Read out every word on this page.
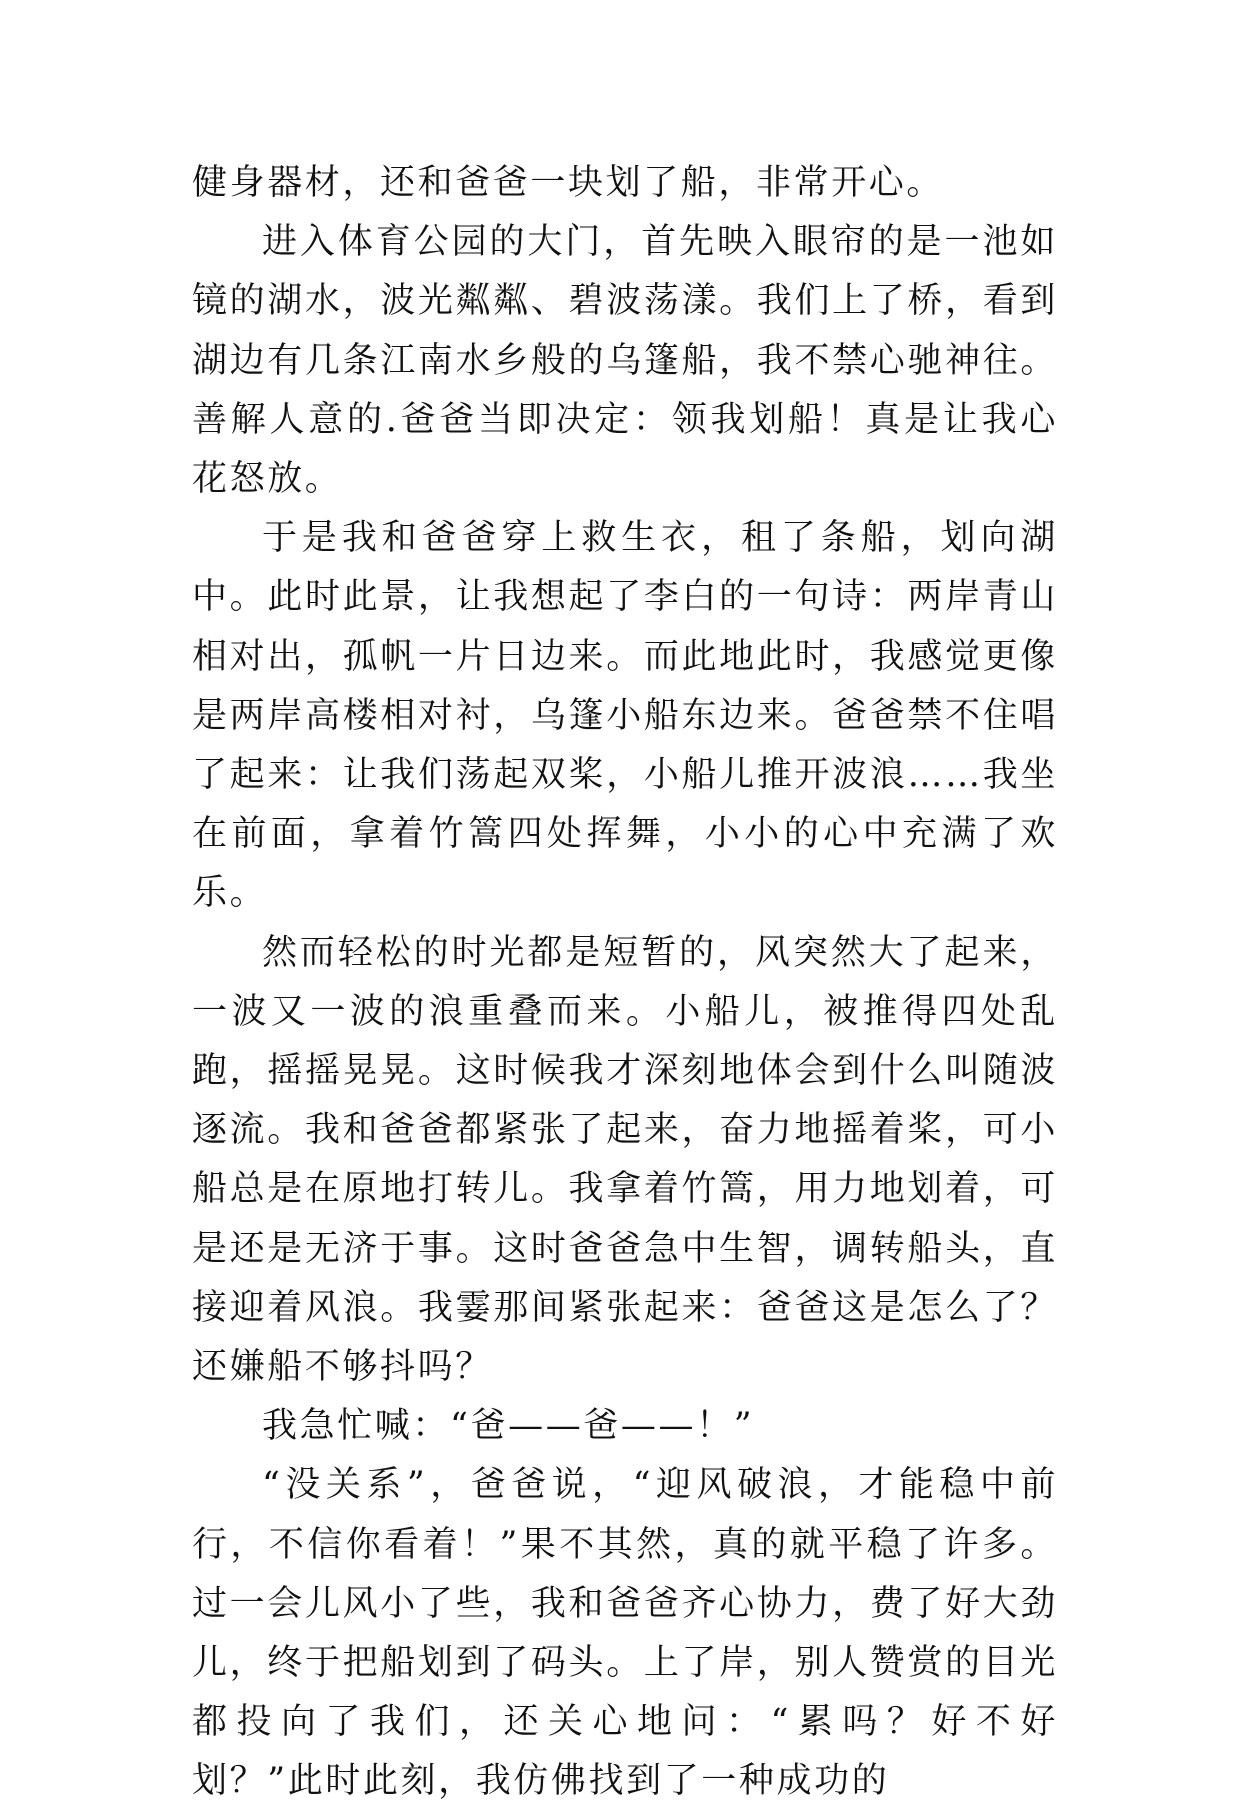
健身器材，还和爸爸一块划了船，非常开心。

进入体育公园的大门，首先映入眼帘的是一池如镜的湖水，波光粼粼、碧波荡漾。我们上了桥，看到湖边有几条江南水乡般的乌篷船，我不禁心驰神往。善解人意的.爸爸当即决定：领我划船！真是让我心花怒放。

于是我和爸爸穿上救生衣，租了条船，划向湖中。此时此景，让我想起了李白的一句诗：两岸青山相对出，孤帆一片日边来。而此地此时，我感觉更像是两岸高楼相对衬，乌篷小船东边来。爸爸禁不住唱了起来：让我们荡起双桨，小船儿推开波浪……我坐在前面，拿着竹篙四处挥舞，小小的心中充满了欢乐。

然而轻松的时光都是短暂的，风突然大了起来，一波又一波的浪重叠而来。小船儿，被推得四处乱跑，摇摇晃晃。这时候我才深刻地体会到什么叫随波逐流。我和爸爸都紧张了起来，奋力地摇着桨，可小船总是在原地打转儿。我拿着竹篙，用力地划着，可是还是无济于事。这时爸爸急中生智，调转船头，直接迎着风浪。我霎那间紧张起来：爸爸这是怎么了？还嫌船不够抖吗？

我急忙喊：“爸——爸——！”

“没关系”，爸爸说，“迎风破浪，才能稳中前行，不信你看着！”果不其然，真的就平稳了许多。过一会儿风小了些，我和爸爸齐心协力，费了好大劲儿，终于把船划到了码头。上了岸，别人赞赏的目光都投向了我们，还关心地问：“累吗？好不好划？”此时此刻，我仿佛找到了一种成功的
